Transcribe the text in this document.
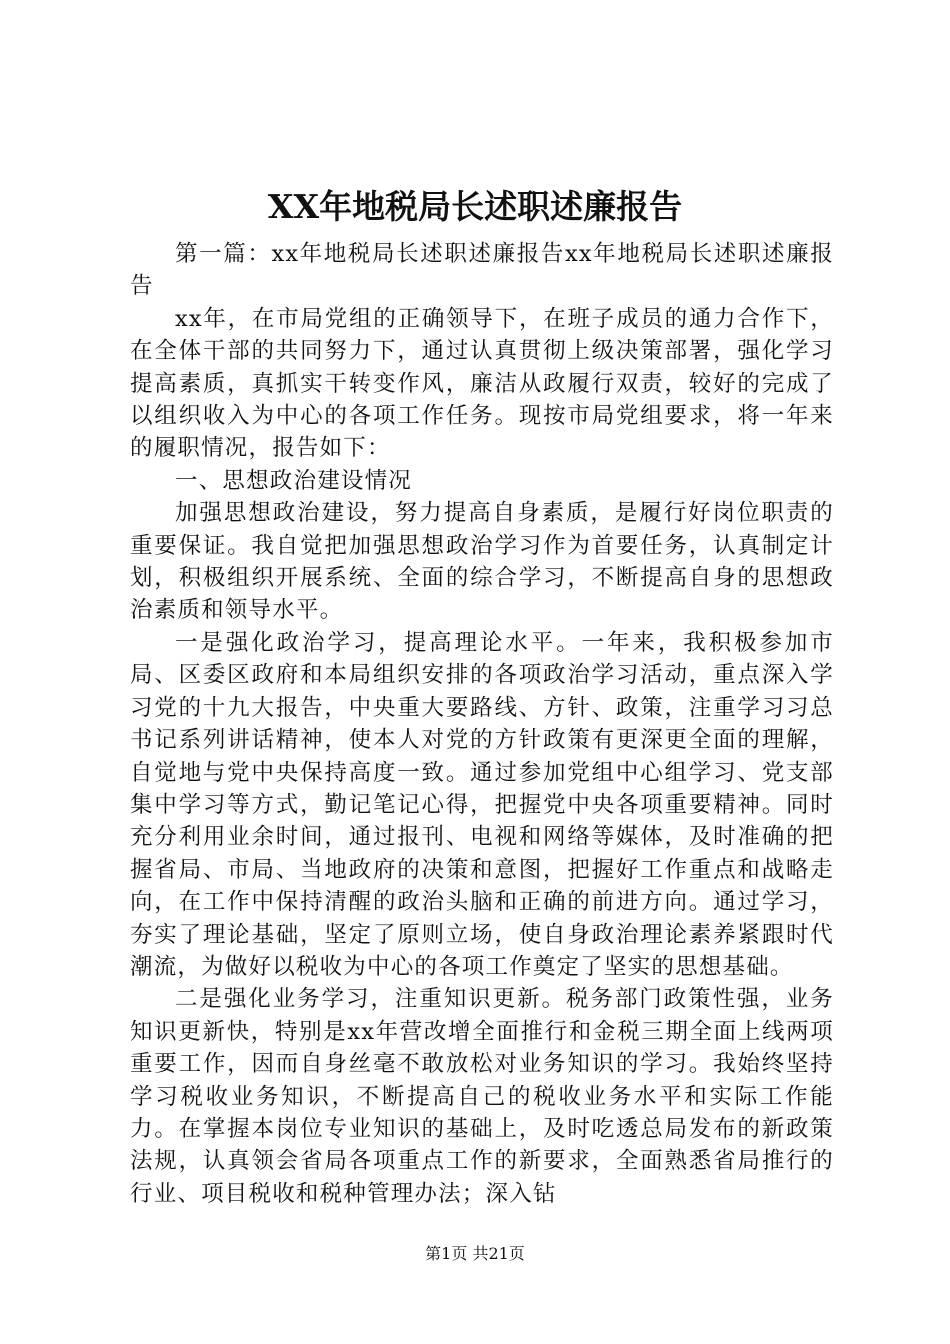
XX年地税局长述职述廉报告

第一篇：xx年地税局长述职述廉报告xx年地税局长述职述廉报告

xx年，在市局党组的正确领导下，在班子成员的通力合作下，在全体干部的共同努力下，通过认真贯彻上级决策部署，强化学习提高素质，真抓实干转变作风，廉洁从政履行双责，较好的完成了以组织收入为中心的各项工作任务。现按市局党组要求，将一年来的履职情况，报告如下：

一、思想政治建设情况

加强思想政治建设，努力提高自身素质，是履行好岗位职责的重要保证。我自觉把加强思想政治学习作为首要任务，认真制定计划，积极组织开展系统、全面的综合学习，不断提高自身的思想政治素质和领导水平。

一是强化政治学习，提高理论水平。一年来，我积极参加市局、区委区政府和本局组织安排的各项政治学习活动，重点深入学习党的十九大报告，中央重大要路线、方针、政策，注重学习习总书记系列讲话精神，使本人对党的方针政策有更深更全面的理解，自觉地与党中央保持高度一致。通过参加党组中心组学习、党支部集中学习等方式，勤记笔记心得，把握党中央各项重要精神。同时充分利用业余时间，通过报刊、电视和网络等媒体，及时准确的把握省局、市局、当地政府的决策和意图，把握好工作重点和战略走向，在工作中保持清醒的政治头脑和正确的前进方向。通过学习，夯实了理论基础，坚定了原则立场，使自身政治理论素养紧跟时代潮流，为做好以税收为中心的各项工作奠定了坚实的思想基础。

二是强化业务学习，注重知识更新。税务部门政策性强，业务知识更新快，特别是xx年营改增全面推行和金税三期全面上线两项重要工作，因而自身丝毫不敢放松对业务知识的学习。我始终坚持学习税收业务知识，不断提高自己的税收业务水平和实际工作能力。在掌握本岗位专业知识的基础上，及时吃透总局发布的新政策法规，认真领会省局各项重点工作的新要求，全面熟悉省局推行的行业、项目税收和税种管理办法；深入钻

第1页 共21页
